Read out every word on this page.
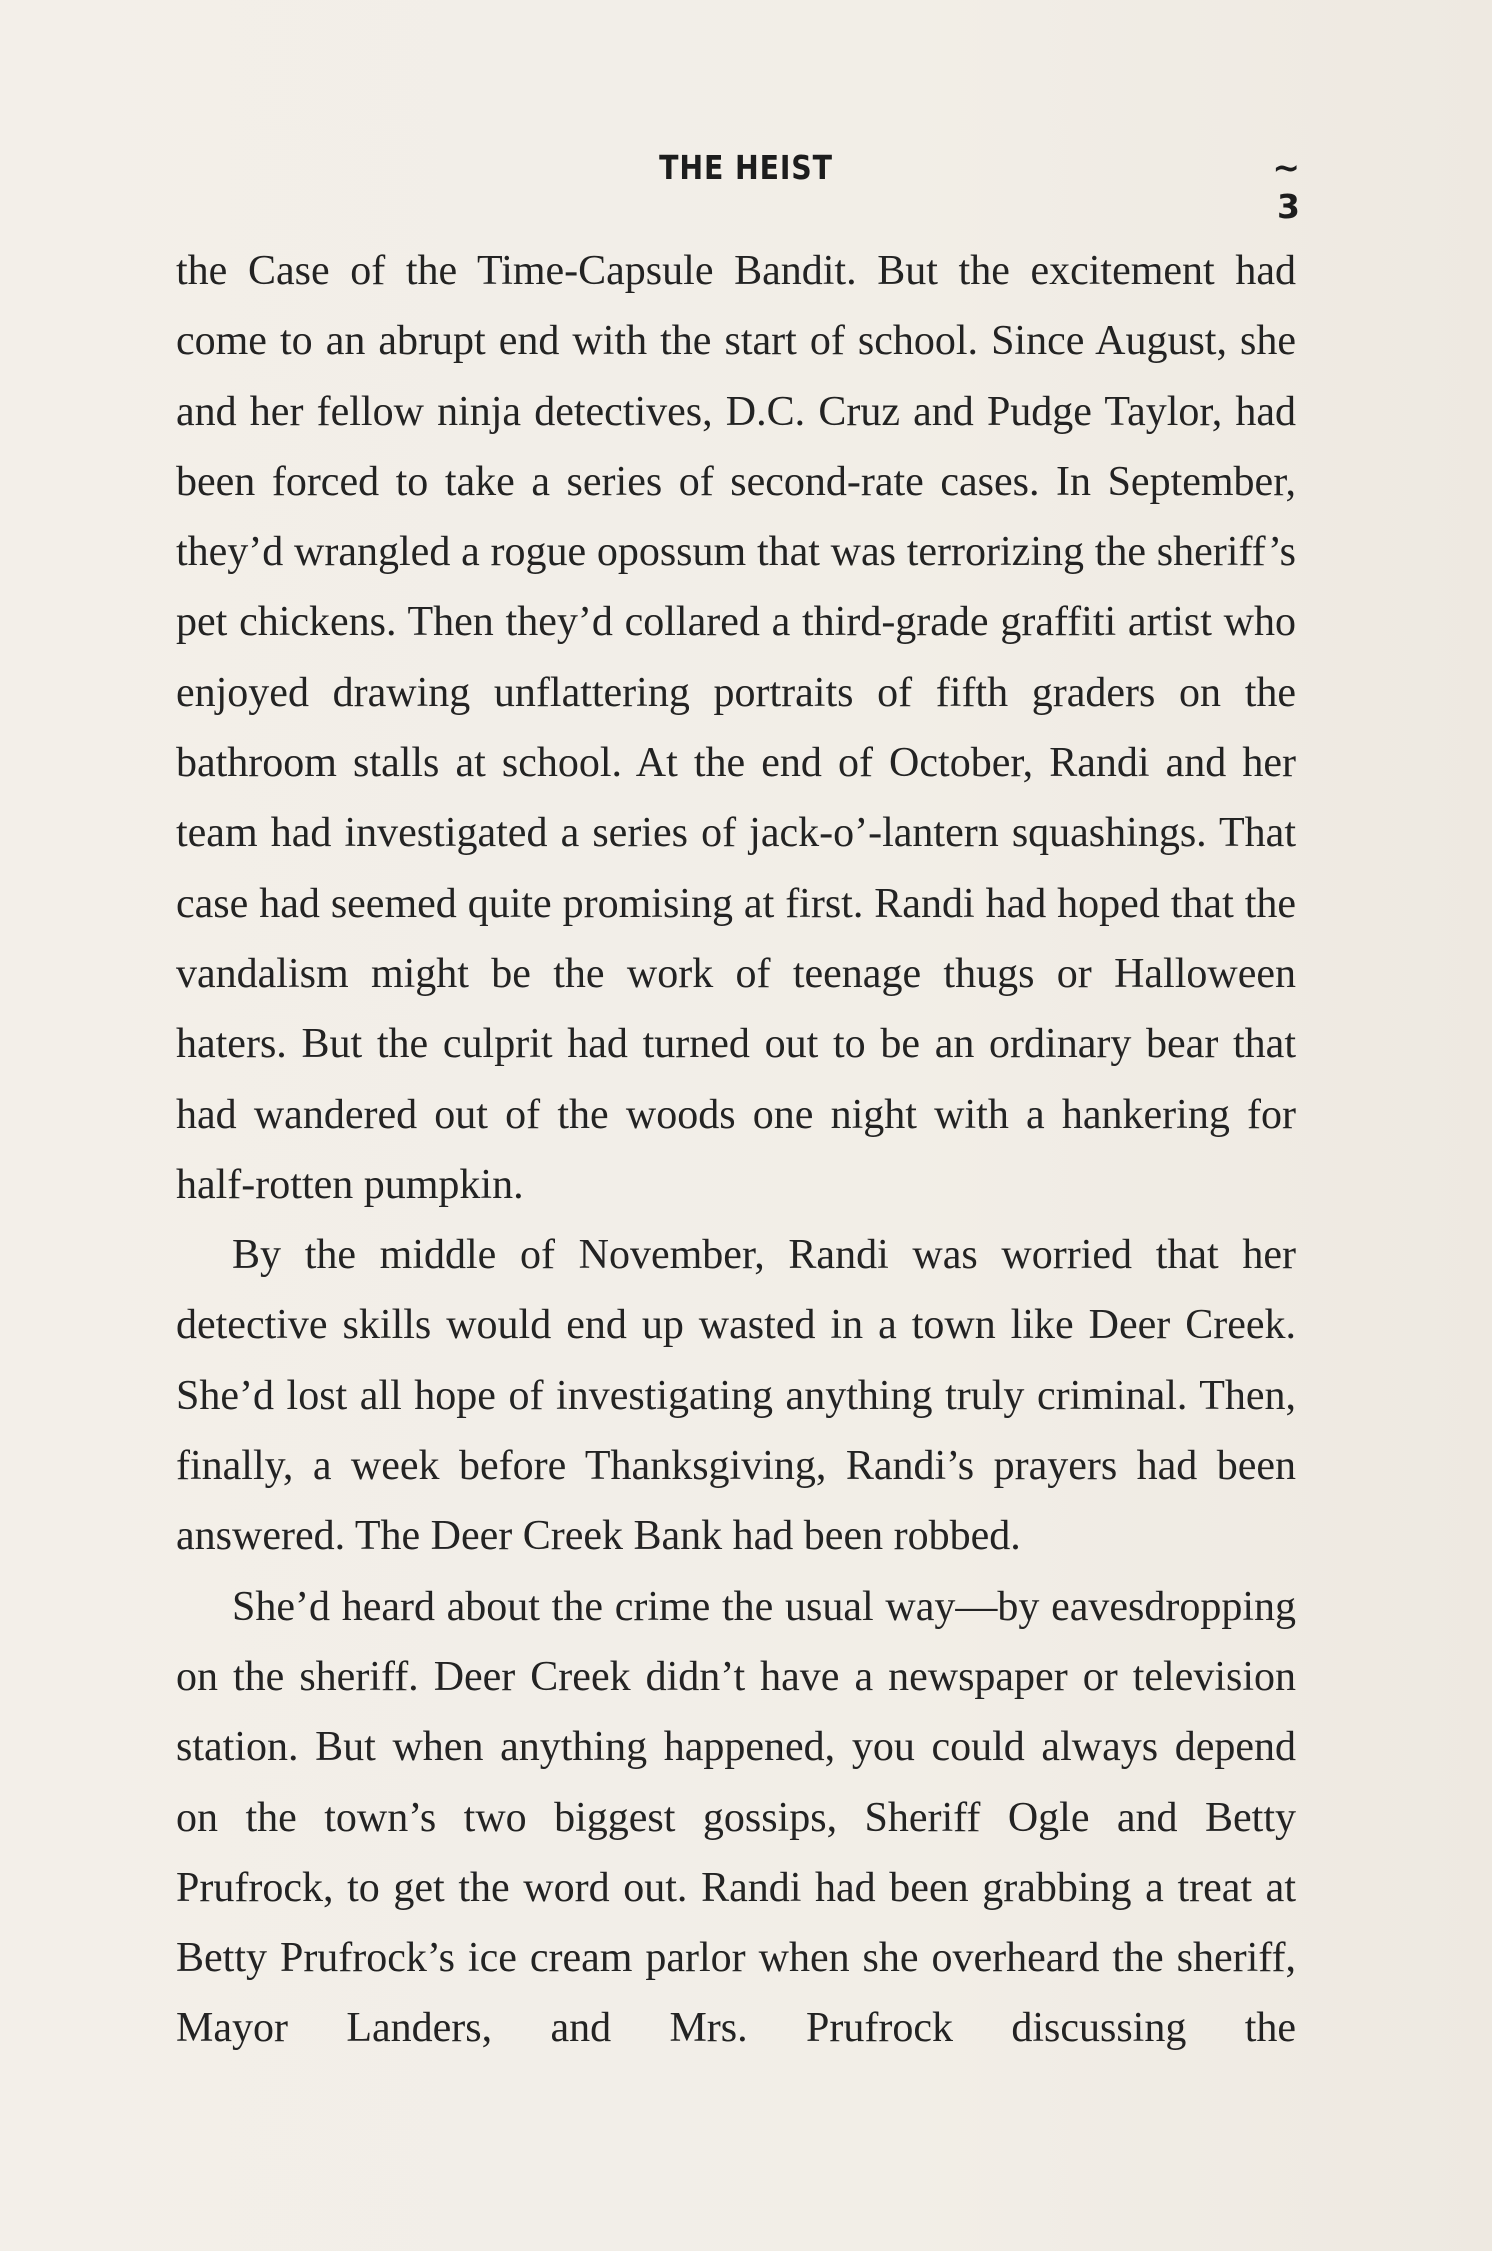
THE HEIST	~ 3

the Case of the Time-Capsule Bandit. But the excitement had come to an abrupt end with the start of school. Since August, she and her fellow ninja detectives, D.C. Cruz and Pudge Taylor, had been forced to take a series of second-rate cases. In September, they’d wrangled a rogue opossum that was terrorizing the sheriff’s pet chickens. Then they’d collared a third-grade graffiti artist who enjoyed drawing unflattering portraits of fifth graders on the bathroom stalls at school. At the end of October, Randi and her team had investigated a series of jack-o’-lantern squashings. That case had seemed quite promising at first. Randi had hoped that the vandalism might be the work of teenage thugs or Halloween haters. But the culprit had turned out to be an ordinary bear that had wandered out of the woods one night with a hankering for half-rotten pumpkin.

By the middle of November, Randi was worried that her detective skills would end up wasted in a town like Deer Creek. She’d lost all hope of investigating anything truly criminal. Then, finally, a week before Thanksgiving, Randi’s prayers had been answered. The Deer Creek Bank had been robbed.

She’d heard about the crime the usual way—by eavesdropping on the sheriff. Deer Creek didn’t have a newspaper or television station. But when anything happened, you could always depend on the town’s two biggest gossips, Sheriff Ogle and Betty Prufrock, to get the word out. Randi had been grabbing a treat at Betty Prufrock’s ice cream parlor when she overheard the sheriff, Mayor Landers, and Mrs. Prufrock discussing the
